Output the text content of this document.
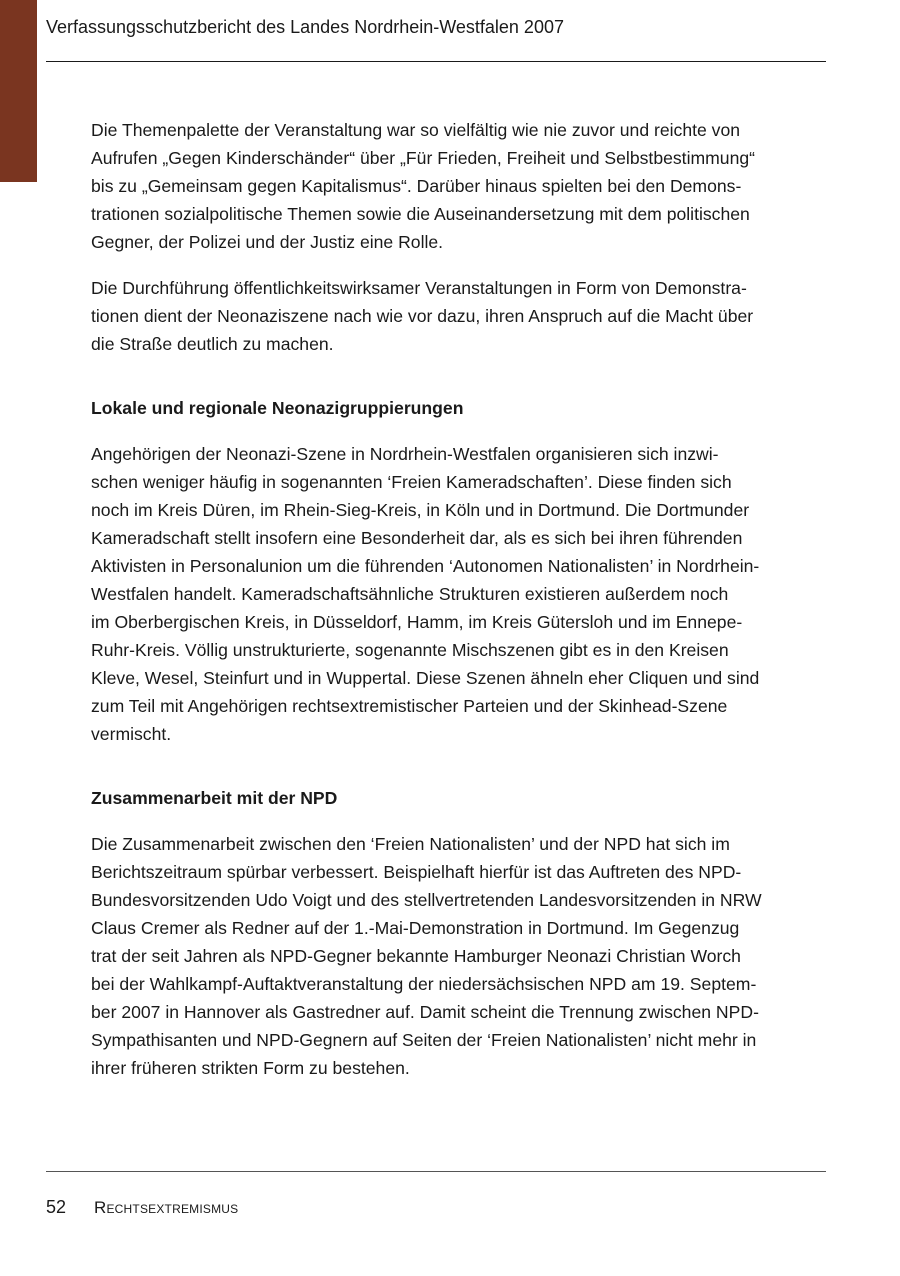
Verfassungsschutzbericht des Landes Nordrhein-Westfalen 2007

Die Themenpalette der Veranstaltung war so vielfältig wie nie zuvor und reichte von
Aufrufen „Gegen Kinderschänder“ über „Für Frieden, Freiheit und Selbstbestimmung“
bis zu „Gemeinsam gegen Kapitalismus“. Darüber hinaus spielten bei den Demons-
trationen sozialpolitische Themen sowie die Auseinandersetzung mit dem politischen
Gegner, der Polizei und der Justiz eine Rolle.

Die Durchführung öffentlichkeitswirksamer Veranstaltungen in Form von Demonstra-
tionen dient der Neonaziszene nach wie vor dazu, ihren Anspruch auf die Macht über
die Straße deutlich zu machen.

Lokale und regionale Neonazigruppierungen

Angehörigen der Neonazi-Szene in Nordrhein-Westfalen organisieren sich inzwi-
schen weniger häufig in sogenannten ‘Freien Kameradschaften’. Diese finden sich
noch im Kreis Düren, im Rhein-Sieg-Kreis, in Köln und in Dortmund. Die Dortmunder
Kameradschaft stellt insofern eine Besonderheit dar, als es sich bei ihren führenden
Aktivisten in Personalunion um die führenden ‘Autonomen Nationalisten’ in Nordrhein-
Westfalen handelt. Kameradschaftsähnliche Strukturen existieren außerdem noch
im Oberbergischen Kreis, in Düsseldorf, Hamm, im Kreis Gütersloh und im Ennepe-
Ruhr-Kreis. Völlig unstrukturierte, sogenannte Mischszenen gibt es in den Kreisen
Kleve, Wesel, Steinfurt und in Wuppertal. Diese Szenen ähneln eher Cliquen und sind
zum Teil mit Angehörigen rechtsextremistischer Parteien und der Skinhead-Szene
vermischt.

Zusammenarbeit mit der NPD

Die Zusammenarbeit zwischen den ‘Freien Nationalisten’ und der NPD hat sich im
Berichtszeitraum spürbar verbessert. Beispielhaft hierfür ist das Auftreten des NPD-
Bundesvorsitzenden Udo Voigt und des stellvertretenden Landesvorsitzenden in NRW
Claus Cremer als Redner auf der 1.-Mai-Demonstration in Dortmund. Im Gegenzug
trat der seit Jahren als NPD-Gegner bekannte Hamburger Neonazi Christian Worch
bei der Wahlkampf-Auftaktveranstaltung der niedersächsischen NPD am 19. Septem-
ber 2007 in Hannover als Gastredner auf. Damit scheint die Trennung zwischen NPD-
Sympathisanten und NPD-Gegnern auf Seiten der ‘Freien Nationalisten’ nicht mehr in
ihrer früheren strikten Form zu bestehen.

52 Rechtsextremismus
